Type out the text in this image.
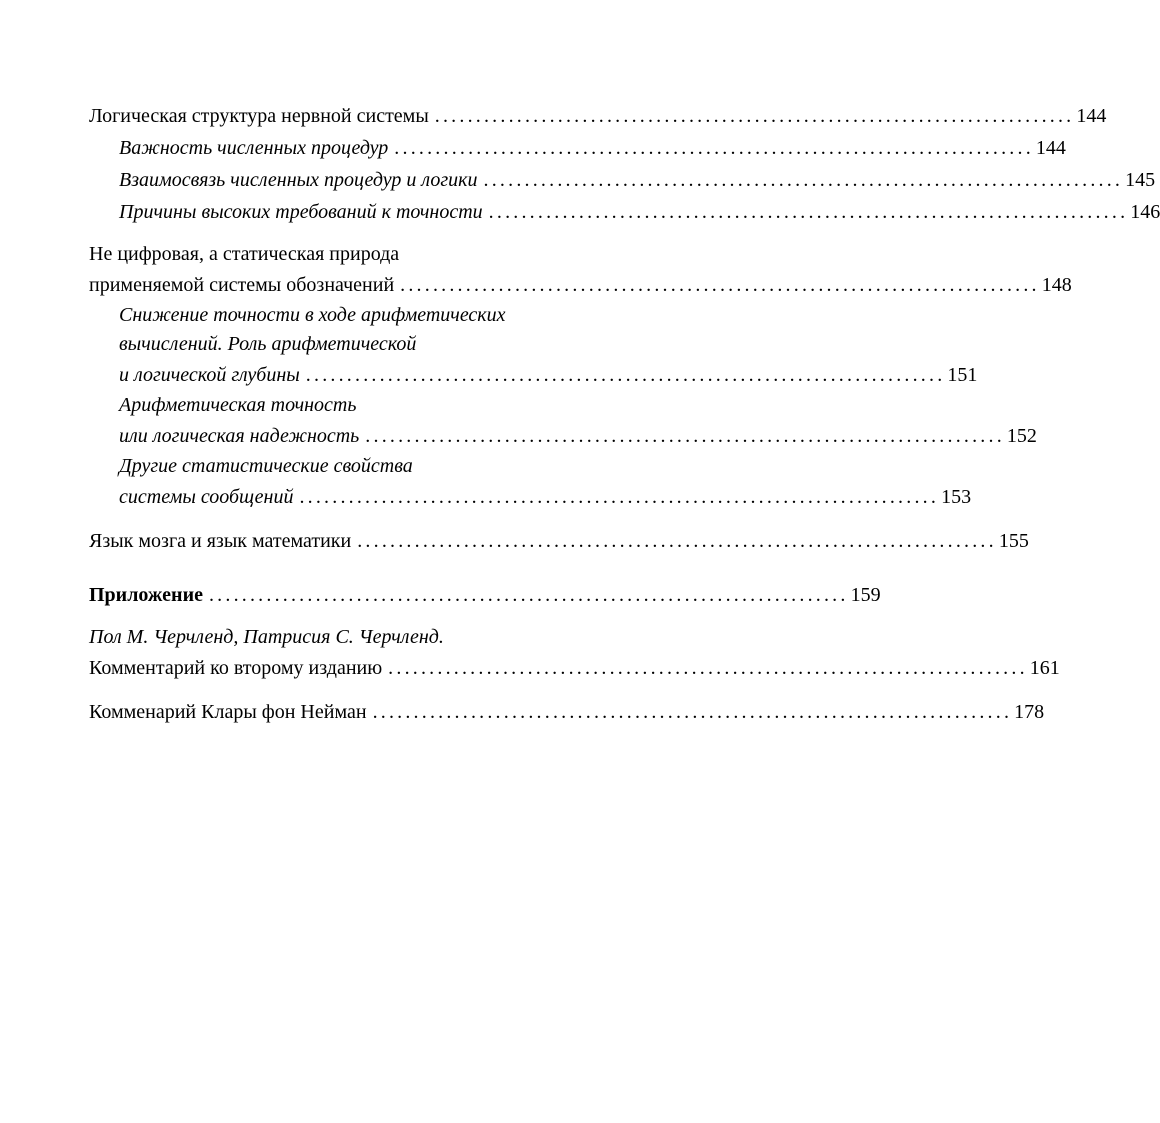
Логическая структура нервной системы .............................................................................. 144
Важность численных процедур .............................................................................. 144
Взаимосвязь численных процедур и логики .............................................................................. 145
Причины высоких требований к точности .............................................................................. 146
Не цифровая, а статическая природа
применяемой системы обозначений .............................................................................. 148
Снижение точности в ходе арифметических
вычислений. Роль арифметической
и логической глубины .............................................................................. 151
Арифметическая точность
или логическая надежность .............................................................................. 152
Другие статистические свойства
системы сообщений .............................................................................. 153
Язык мозга и язык математики .............................................................................. 155
Приложение .............................................................................. 159
Пол М. Черчленд, Патрисия С. Черчленд.
Комментарий ко второму изданию .............................................................................. 161
Комменарий Клары фон Нейман .............................................................................. 178
